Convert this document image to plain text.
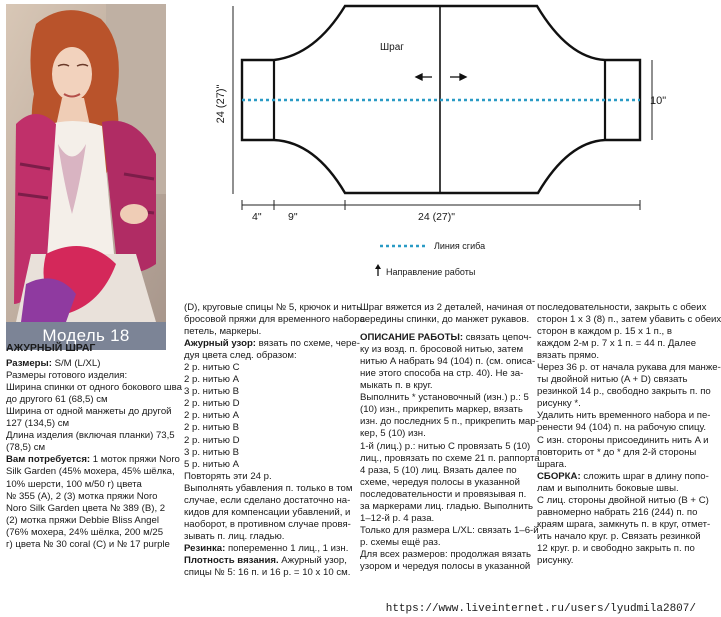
Модель 18
24 (27)"
Шраг
10"
4"	9"	24 (27)"
Линия сгиба
Направление работы

АЖУРНЫЙ ШРАГ

Размеры: S/M (L/XL)

Размеры готового изделия:

Ширина спинки от одного бокового шва

до другого 61 (68,5) см

Ширина от одной манжеты до другой

127 (134,5) см

Длина изделия (включая планки) 73,5

(78,5) см

Вам потребуется: 1 моток пряжи Noro

Silk Garden (45% мохера, 45% шёлка,

10% шерсти, 100 м/50 г) цвета

№ 355 (A), 2 (3) мотка пряжи Noro

Noro Silk Garden цвета № 389 (B), 2

(2) мотка пряжи Debbie Bliss Angel

(76% мохера, 24% шёлка, 200 м/25

г) цвета № 30 coral (C) и № 17 purple

(D), круговые спицы № 5, крючок и нить

бросовой пряжи для временного набора

петель, маркеры.

Ажурный узор: вязать по схеме, чере-

дуя цвета след. образом:

2 р. нитью C

2 р. нитью A

3 р. нитью B

2 р. нитью D

2 р. нитью A

2 р. нитью B

2 р. нитью D

3 р. нитью B

5 р. нитью A

Повторять эти 24 р.

Выполнять убавления п. только в том

случае, если сделано достаточно на-

кидов для компенсации убавлений, и

наоборот, в противном случае провя-

зывать п. лиц. гладью.

Резинка: попеременно 1 лиц., 1 изн.

Плотность вязания. Ажурный узор,

спицы № 5: 16 п. и 16 р. = 10 х 10 см.

Шраг вяжется из 2 деталей, начиная от

середины спинки, до манжет рукавов.

ОПИСАНИЕ РАБОТЫ: связать цепоч-

ку из возд. п. бросовой нитью, затем

нитью A набрать 94 (104) п. (см. описа-

ние этого способа на стр. 40). Не за-

мыкать п. в круг.

Выполнить * установочный (изн.) р.: 5

(10) изн., прикрепить маркер, вязать

изн. до последних 5 п., прикрепить мар-

кер, 5 (10) изн.

1-й (лиц.) р.: нитью C провязать 5 (10)

лиц., провязать по схеме 21 п. раппорта

4 раза, 5 (10) лиц. Вязать далее по

схеме, чередуя полосы в указанной

последовательности и провязывая п.

за маркерами лиц. гладью. Выполнить

1–12-й р. 4 раза.

Только для размера L/XL: связать 1–6-й

р. схемы ещё раз.

Для всех размеров: продолжая вязать

узором и чередуя полосы в указанной

последовательности, закрыть с обеих

сторон 1 х 3 (8) п., затем убавить с обеих

сторон в каждом р. 15 х 1 п., в

каждом 2-м р. 7 х 1 п. = 44 п. Далее

вязать прямо.

Через 36 р. от начала рукава для манже-

ты двойной нитью (A + D) связать

резинкой 14 р., свободно закрыть п. по

рисунку *.

Удалить нить временного набора и пе-

ренести 94 (104) п. на рабочую спицу.

С изн. стороны присоединить нить A и

повторить от * до * для 2-й стороны

шрага.

СБОРКА: сложить шраг в длину попо-

лам и выполнить боковые швы.

С лиц. стороны двойной нитью (B + C)

равномерно набрать 216 (244) п. по

краям шрага, замкнуть п. в круг, отмет-

ить начало круг. р. Связать резинкой

12 круг. р. и свободно закрыть п. по

рисунку.

https://www.liveinternet.ru/users/lyudmila2807/
